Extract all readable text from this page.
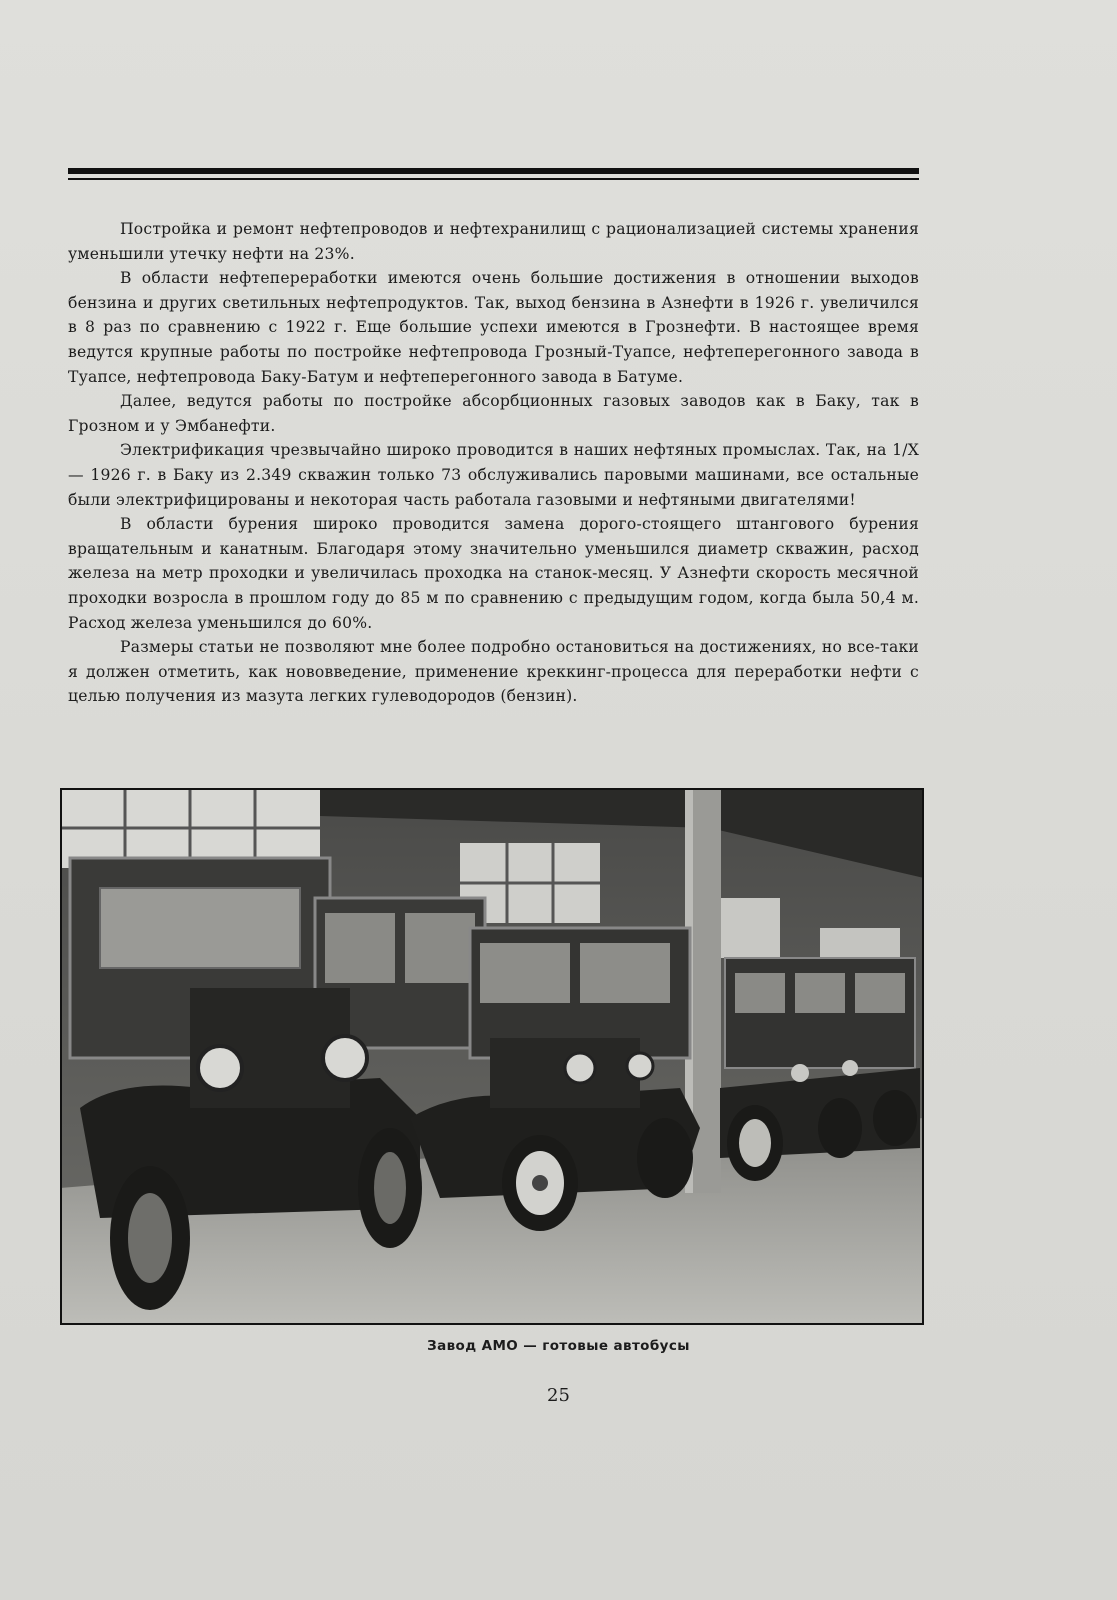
Постройка и ремонт нефтепроводов и нефтехранилищ с рационализацией системы хранения уменьшили утечку нефти на 23%.

В области нефтепереработки имеются очень большие достижения в отношении выходов бензина и других светильных нефтепродуктов. Так, выход бензина в Азнефти в 1926 г. увеличился в 8 раз по сравнению с 1922 г. Еще большие успехи имеются в Грознефти. В настоящее время ведутся крупные работы по постройке нефтепровода Грозный-Туапсе, нефтеперегонного завода в Туапсе, нефтепровода Баку-Батум и нефтеперегонного завода в Батуме.

Далее, ведутся работы по постройке абсорбционных газовых заводов как в Баку, так в Грозном и у Эмбанефти.

Электрификация чрезвычайно широко проводится в наших нефтяных промыслах. Так, на 1/X — 1926 г. в Баку из 2.349 скважин только 73 обслуживались паровыми машинами, все остальные были электрифицированы и некоторая часть работала газовыми и нефтяными двигателями!

В области бурения широко проводится замена дорого-стоящего штангового бурения вращательным и канатным. Благодаря этому значительно уменьшился диаметр скважин, расход железа на метр проходки и увеличилась проходка на станок-месяц. У Азнефти скорость месячной проходки возросла в прошлом году до 85 м по сравнению с предыдущим годом, когда была 50,4 м. Расход железа уменьшился до 60%.

Размеры статьи не позволяют мне более подробно остановиться на достижениях, но все-таки я должен отметить, как нововведение, применение креккинг-процесса для переработки нефти с целью получения из мазута легких гулеводородов (бензин).

Завод АМО — готовые автобусы
25
